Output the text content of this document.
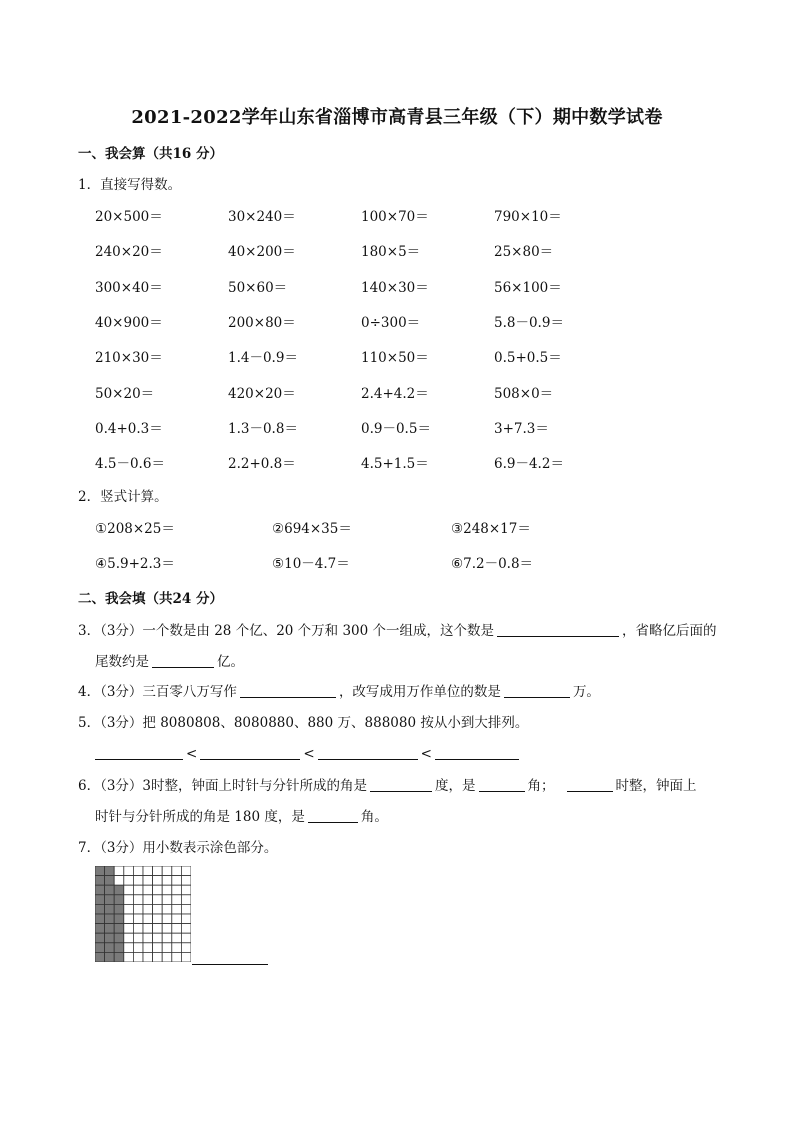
2021-2022学年山东省淄博市高青县三年级（下）期中数学试卷
一、我会算（共16 分）
1．直接写得数。
20×500＝	30×240＝	100×70＝	790×10＝
240×20＝	40×200＝	180×5＝	25×80＝
300×40＝	50×60＝	140×30＝	56×100＝
40×900＝	200×80＝	0÷300＝	5.8－0.9＝
210×30＝	1.4－0.9＝	110×50＝	0.5+0.5＝
50×20＝	420×20＝	2.4+4.2＝	508×0＝
0.4+0.3＝	1.3－0.8＝	0.9－0.5＝	3+7.3＝
4.5－0.6＝	2.2+0.8＝	4.5+1.5＝	6.9－4.2＝
2．竖式计算。
①208×25＝	②694×35＝	③248×17＝
④5.9+2.3＝	⑤10－4.7＝	⑥7.2－0.8＝
二、我会填（共24 分）
3．（3分）一个数是由 28 个亿、20 个万和 300 个一组成，这个数是	，省略亿后面的
尾数约是	亿。
4．（3分）三百零八万写作	，改写成用万作单位的数是	万。
5．（3分）把 8080808、8080880、880 万、888080 按从小到大排列。
<	<	<
6．（3分）3时整，钟面上时针与分针所成的角是	度，是	角；	时整，钟面上
时针与分针所成的角是 180 度，是	角。
7．（3分）用小数表示涂色部分。
